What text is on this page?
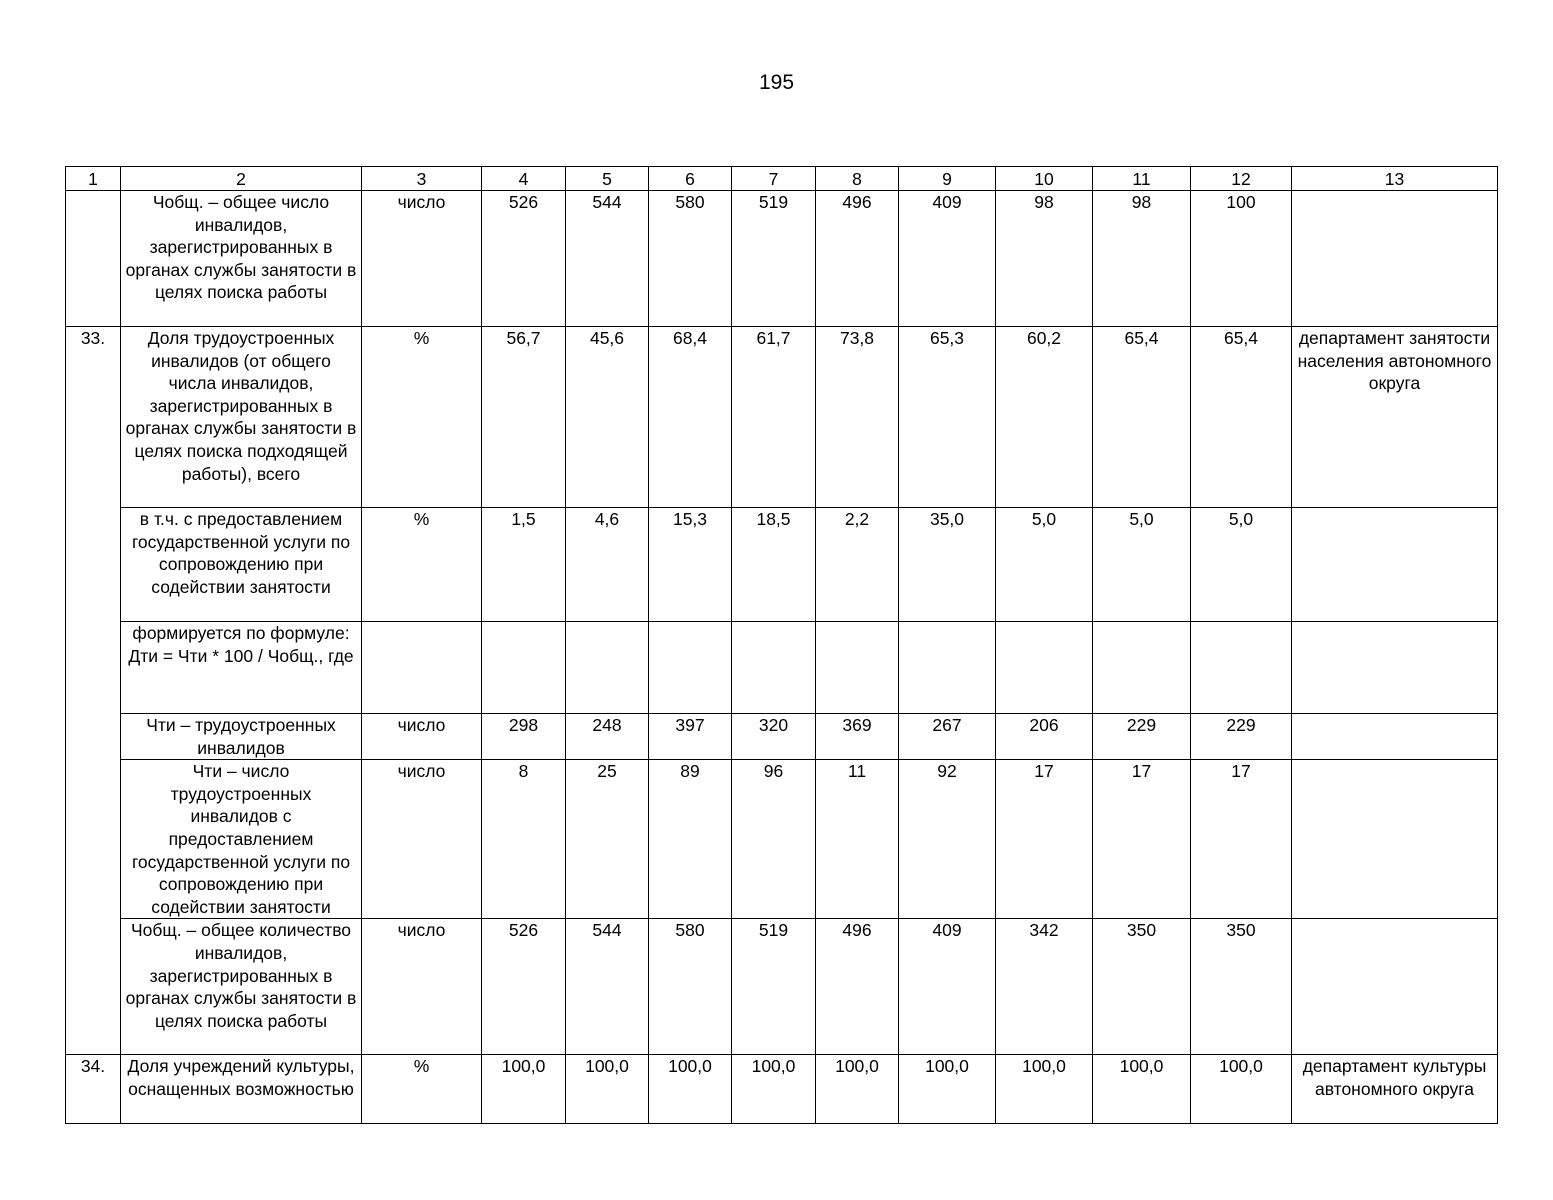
195
1	2	3	4	5	6	7	8	9	10	11	12	13
	Чобщ. – общее число инвалидов, зарегистрированных в органах службы занятости в целях поиска работы	число	526	544	580	519	496	409	98	98	100	
33.	Доля трудоустроенных инвалидов (от общего числа инвалидов, зарегистрированных в органах службы занятости в целях поиска подходящей работы), всего	%	56,7	45,6	68,4	61,7	73,8	65,3	60,2	65,4	65,4	департамент занятости населения автономного округа
	в т.ч. с предоставлением государственной услуги по сопровождению при содействии занятости	%	1,5	4,6	15,3	18,5	2,2	35,0	5,0	5,0	5,0	
	формируется по формуле: Дти = Чти * 100 / Чобщ., где											
	Чти – трудоустроенных инвалидов	число	298	248	397	320	369	267	206	229	229	
	Чти – число трудоустроенных инвалидов с предоставлением государственной услуги по сопровождению при содействии занятости	число	8	25	89	96	11	92	17	17	17	
	Чобщ. – общее количество инвалидов, зарегистрированных в органах службы занятости в целях поиска работы	число	526	544	580	519	496	409	342	350	350	
34.	Доля учреждений культуры, оснащенных возможностью	%	100,0	100,0	100,0	100,0	100,0	100,0	100,0	100,0	100,0	департамент культуры автономного округа
